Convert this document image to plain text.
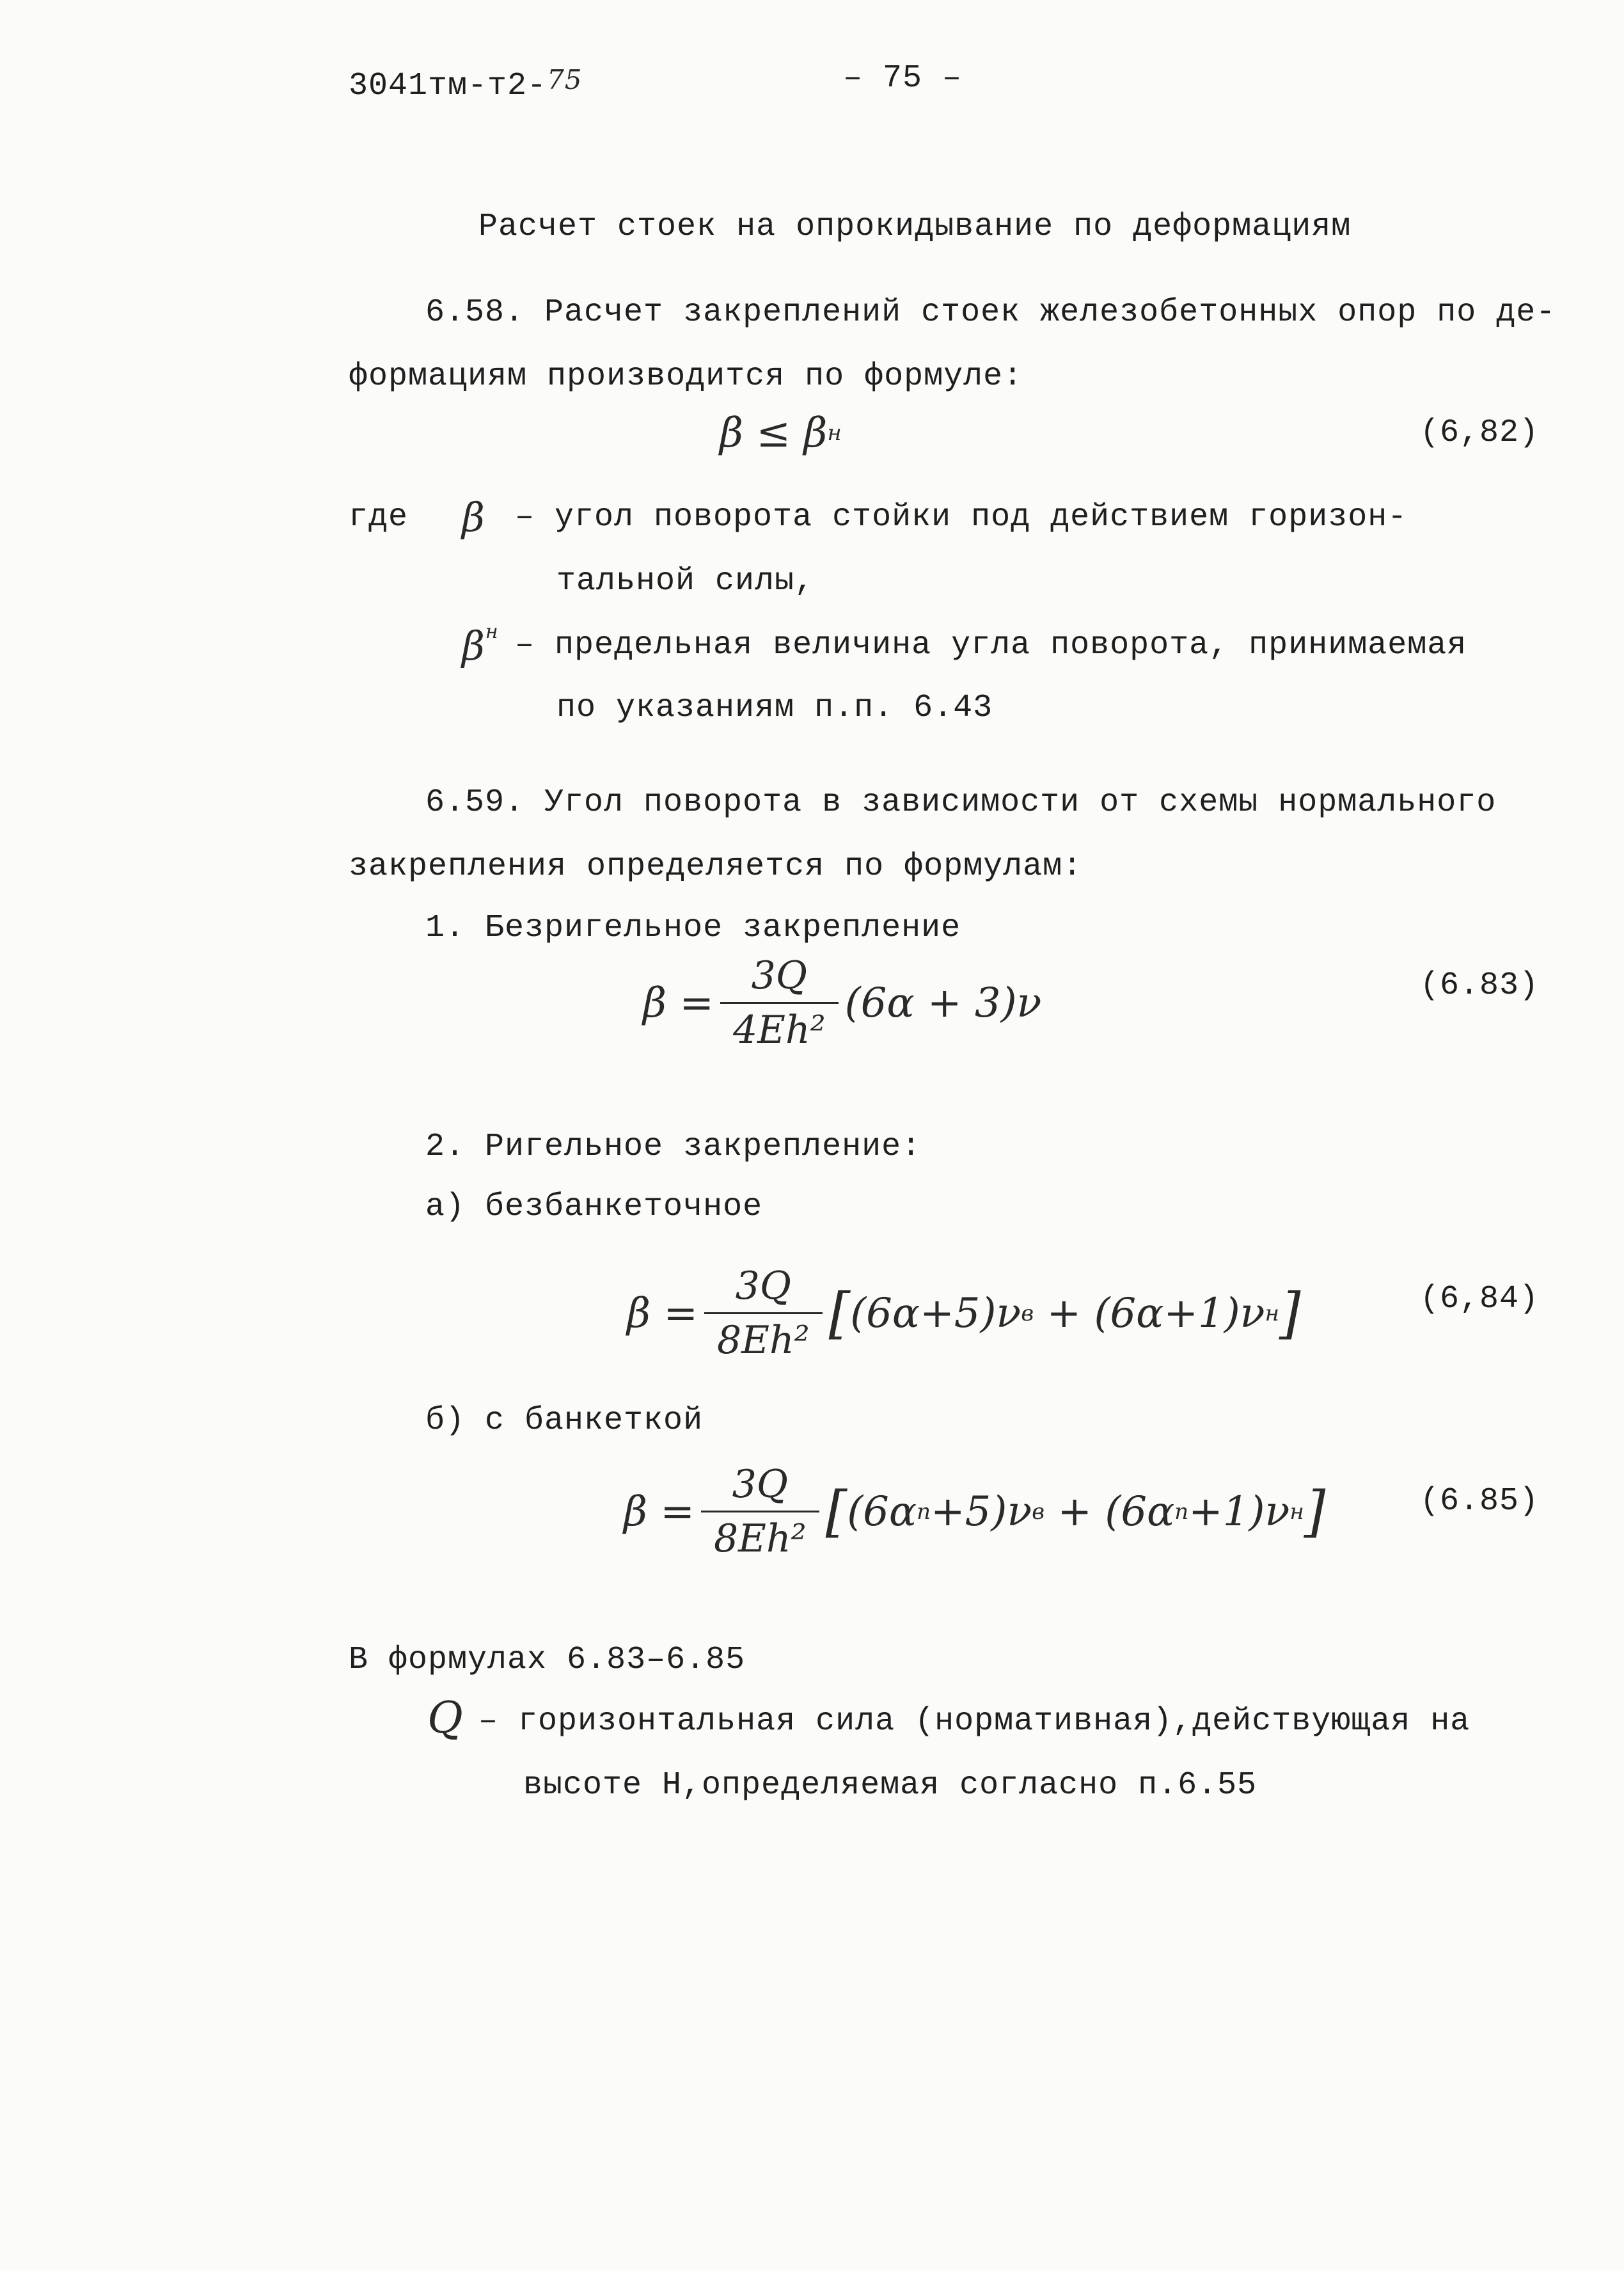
3041тм-т2-75	– 75 –
Расчет стоек на опрокидывание по деформациям
6.58. Расчет закреплений стоек железобетонных опор по де-
формациям производится по формуле:
β ≤ β н	(6,82)
где β – угол поворота стойки под действием горизон-
тальной силы,
$\beta^н$ – предельная величина угла поворота, принимаемая
по указаниям п.п. 6.43
6.59. Угол поворота в зависимости от схемы нормального
закрепления определяется по формулам:
1. Безригельное закрепление
$\beta = \frac{3Q}{\text{4Eh²}} (6\alpha + 3)\nu$	(6.83)
2. Ригельное закрепление:
а) безбанкеточное
$\beta = \frac{3Q}{\text{8Eh²}}$ [ (6α+5)ν в + (6α+1)ν н ]	(6,84)
б) с банкеткой
$\beta = \frac{3Q}{\text{8Eh²}}$ [ (6α п +5)ν в + (6α п +1)ν н ]	(6.85)
В формулах 6.83–6.85
Q – горизонтальная сила (нормативная),действующая на
высоте Н,определяемая согласно п.6.55
